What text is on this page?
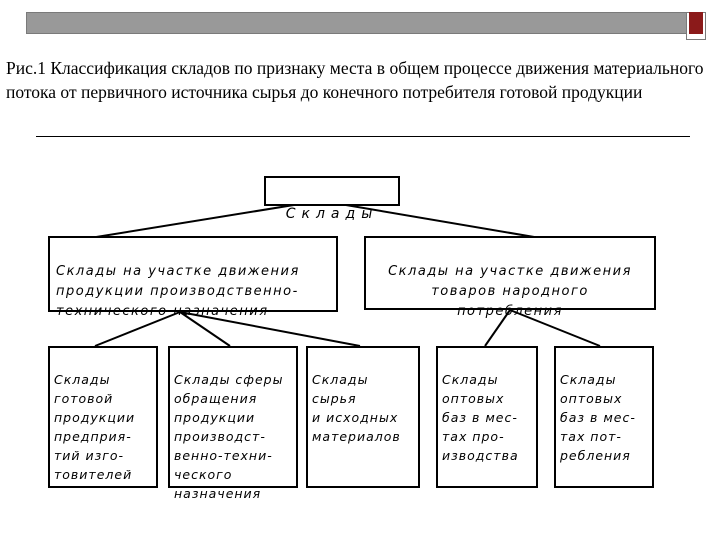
Рис.1 Классификация складов по признаку места в общем процессе движения материального потока от первичного источника сырья до конечного потребителя готовой продукции

Склады

Склады на участке движения
продукции производственно-
технического назначения

Склады на участке движения
товаров народного
потребления

Склады
готовой
продукции
предприя-
тий изго-
товителей

Склады сферы
обращения
продукции
производст-
венно-техни-
ческого
назначения

Склады сырья
и исходных
материалов

Склады
оптовых
баз в мес-
тах про-
изводства

Склады
оптовых
баз в мес-
тах пот-
ребления
